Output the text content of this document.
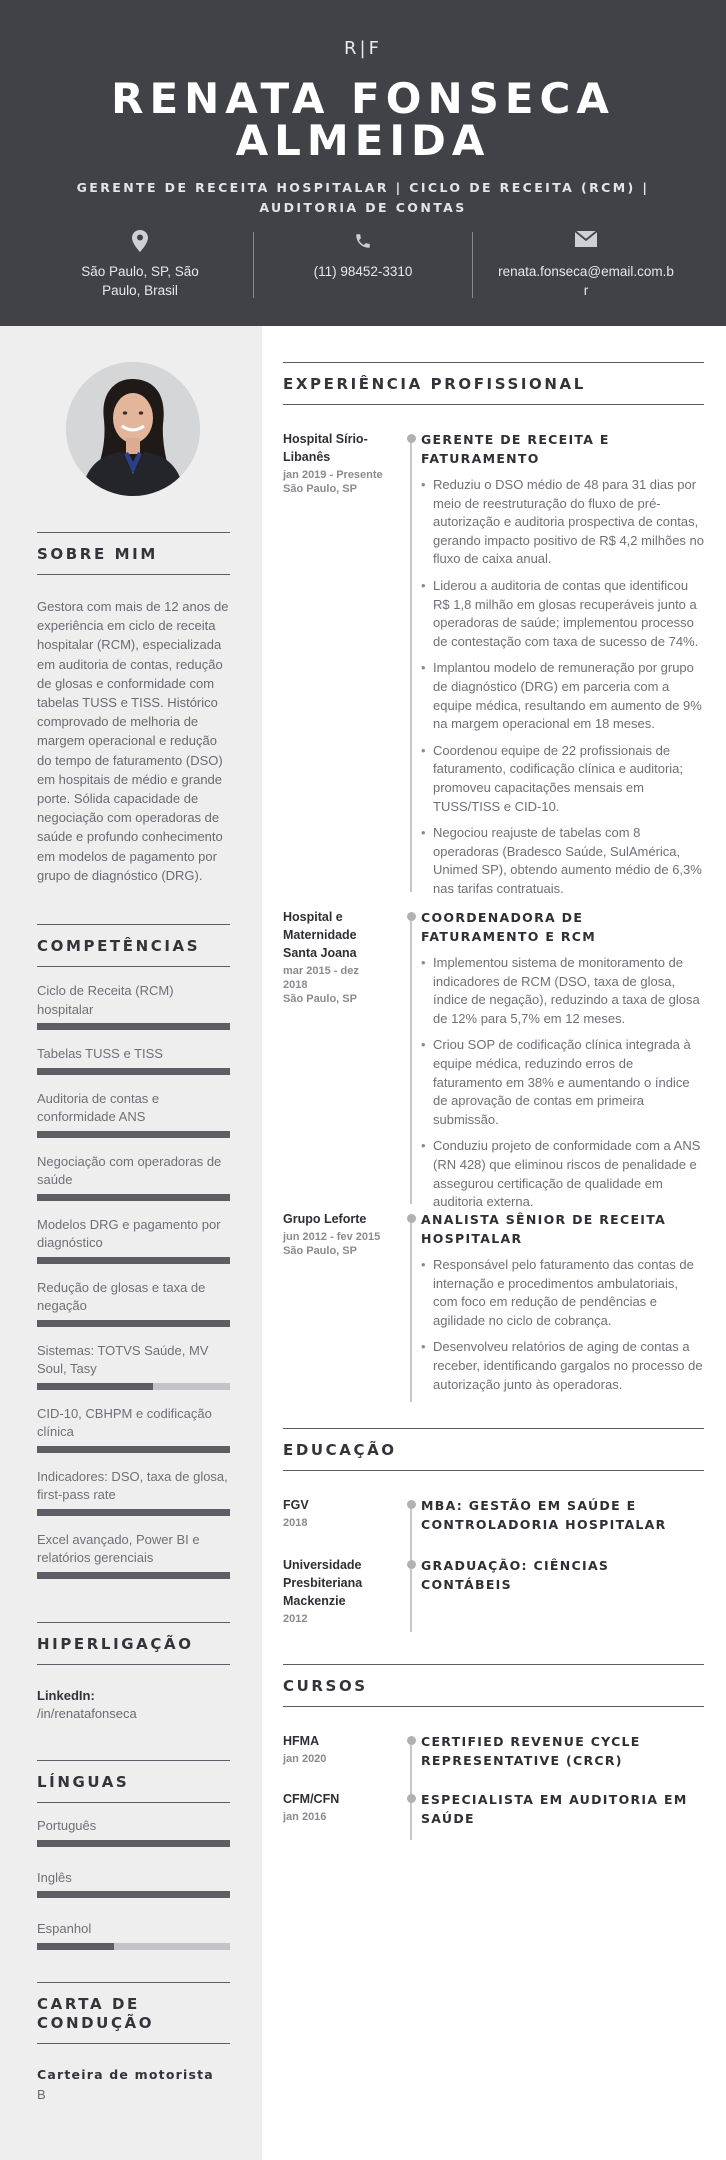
R|F
RENATA FONSECA
ALMEIDA
GERENTE DE RECEITA HOSPITALAR | CICLO DE RECEITA (RCM) | AUDITORIA DE CONTAS
São Paulo, SP, São Paulo, Brasil
(11) 98452-3310	renata.fonseca@email.com.br
SOBRE MIM
Gestora com mais de 12 anos de experiência em ciclo de receita hospitalar (RCM), especializada em auditoria de contas, redução de glosas e conformidade com tabelas TUSS e TISS. Histórico comprovado de melhoria de margem operacional e redução do tempo de faturamento (DSO) em hospitais de médio e grande porte. Sólida capacidade de negociação com operadoras de saúde e profundo conhecimento em modelos de pagamento por grupo de diagnóstico (DRG).
COMPETÊNCIAS
Ciclo de Receita (RCM) hospitalar
Tabelas TUSS e TISS
Auditoria de contas e conformidade ANS
Negociação com operadoras de saúde
Modelos DRG e pagamento por diagnóstico
Redução de glosas e taxa de negação
Sistemas: TOTVS Saúde, MV Soul, Tasy
CID-10, CBHPM e codificação clínica
Indicadores: DSO, taxa de glosa, first-pass rate
Excel avançado, Power BI e relatórios gerenciais
HIPERLIGAÇÃO
LinkedIn:
/in/renatafonseca
LÍNGUAS
Português
Inglês
Espanhol
CARTA DE
CONDUÇÃO
Carteira de motorista
B
EXPERIÊNCIA PROFISSIONAL
Hospital Sírio-Libanês
jan 2019 - Presente
São Paulo, SP
GERENTE DE RECEITA E FATURAMENTO
• Reduziu o DSO médio de 48 para 31 dias por meio de reestruturação do fluxo de pré-autorização e auditoria prospectiva de contas, gerando impacto positivo de R$ 4,2 milhões no fluxo de caixa anual.
• Liderou a auditoria de contas que identificou R$ 1,8 milhão em glosas recuperáveis junto a operadoras de saúde; implementou processo de contestação com taxa de sucesso de 74%.
• Implantou modelo de remuneração por grupo de diagnóstico (DRG) em parceria com a equipe médica, resultando em aumento de 9% na margem operacional em 18 meses.
• Coordenou equipe de 22 profissionais de faturamento, codificação clínica e auditoria; promoveu capacitações mensais em TUSS/TISS e CID-10.
• Negociou reajuste de tabelas com 8 operadoras (Bradesco Saúde, SulAmérica, Unimed SP), obtendo aumento médio de 6,3% nas tarifas contratuais.
Hospital e Maternidade Santa Joana
mar 2015 - dez 2018
São Paulo, SP
COORDENADORA DE FATURAMENTO E RCM
• Implementou sistema de monitoramento de indicadores de RCM (DSO, taxa de glosa, índice de negação), reduzindo a taxa de glosa de 12% para 5,7% em 12 meses.
• Criou SOP de codificação clínica integrada à equipe médica, reduzindo erros de faturamento em 38% e aumentando o índice de aprovação de contas em primeira submissão.
• Conduziu projeto de conformidade com a ANS (RN 428) que eliminou riscos de penalidade e assegurou certificação de qualidade em auditoria externa.
Grupo Leforte
jun 2012 - fev 2015
São Paulo, SP
ANALISTA SÊNIOR DE RECEITA HOSPITALAR
• Responsável pelo faturamento das contas de internação e procedimentos ambulatoriais, com foco em redução de pendências e agilidade no ciclo de cobrança.
• Desenvolveu relatórios de aging de contas a receber, identificando gargalos no processo de autorização junto às operadoras.
EDUCAÇÃO
FGV
2018
MBA: GESTÃO EM SAÚDE E CONTROLADORIA HOSPITALAR
Universidade Presbiteriana Mackenzie
2012
GRADUAÇÃO: CIÊNCIAS CONTÁBEIS
CURSOS
HFMA
jan 2020
CERTIFIED REVENUE CYCLE REPRESENTATIVE (CRCR)
CFM/CFN
jan 2016
ESPECIALISTA EM AUDITORIA EM SAÚDE
